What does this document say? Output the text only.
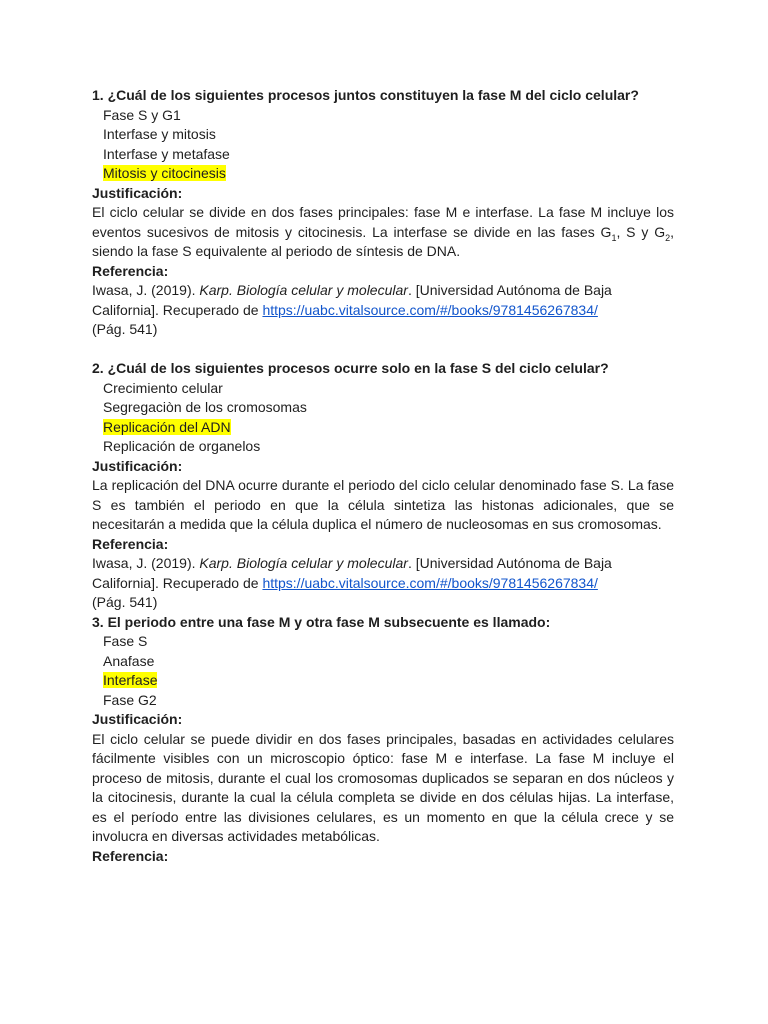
1. ¿Cuál de los siguientes procesos juntos constituyen la fase M del ciclo celular?
Fase S y G1
Interfase y mitosis
Interfase y metafase
Mitosis y citocinesis
Justificación:
El ciclo celular se divide en dos fases principales: fase M e interfase. La fase M incluye los eventos sucesivos de mitosis y citocinesis. La interfase se divide en las fases $G_1$, S y $G_2$, siendo la fase S equivalente al periodo de síntesis de DNA.
Referencia:
Iwasa, J. (2019). Karp. Biología celular y molecular. [Universidad Autónoma de Baja California]. Recuperado de https://uabc.vitalsource.com/#/books/9781456267834/
(Pág. 541)
2. ¿Cuál de los siguientes procesos ocurre solo en la fase S del ciclo celular?
Crecimiento celular
Segregaciòn de los cromosomas
Replicación del ADN
Replicación de organelos
Justificación:
La replicación del DNA ocurre durante el periodo del ciclo celular denominado fase S. La fase S es también el periodo en que la célula sintetiza las histonas adicionales, que se necesitarán a medida que la célula duplica el número de nucleosomas en sus cromosomas.
Referencia:
Iwasa, J. (2019). Karp. Biología celular y molecular. [Universidad Autónoma de Baja California]. Recuperado de https://uabc.vitalsource.com/#/books/9781456267834/
(Pág. 541)
3. El periodo entre una fase M y otra fase M subsecuente es llamado:
Fase S
Anafase
Interfase
Fase G2
Justificación:
El ciclo celular se puede dividir en dos fases principales, basadas en actividades celulares fácilmente visibles con un microscopio óptico: fase M e interfase. La fase M incluye el proceso de mitosis, durante el cual los cromosomas duplicados se separan en dos núcleos y la citocinesis, durante la cual la célula completa se divide en dos células hijas. La interfase, es el período entre las divisiones celulares, es un momento en que la célula crece y se involucra en diversas actividades metabólicas.
Referencia:
